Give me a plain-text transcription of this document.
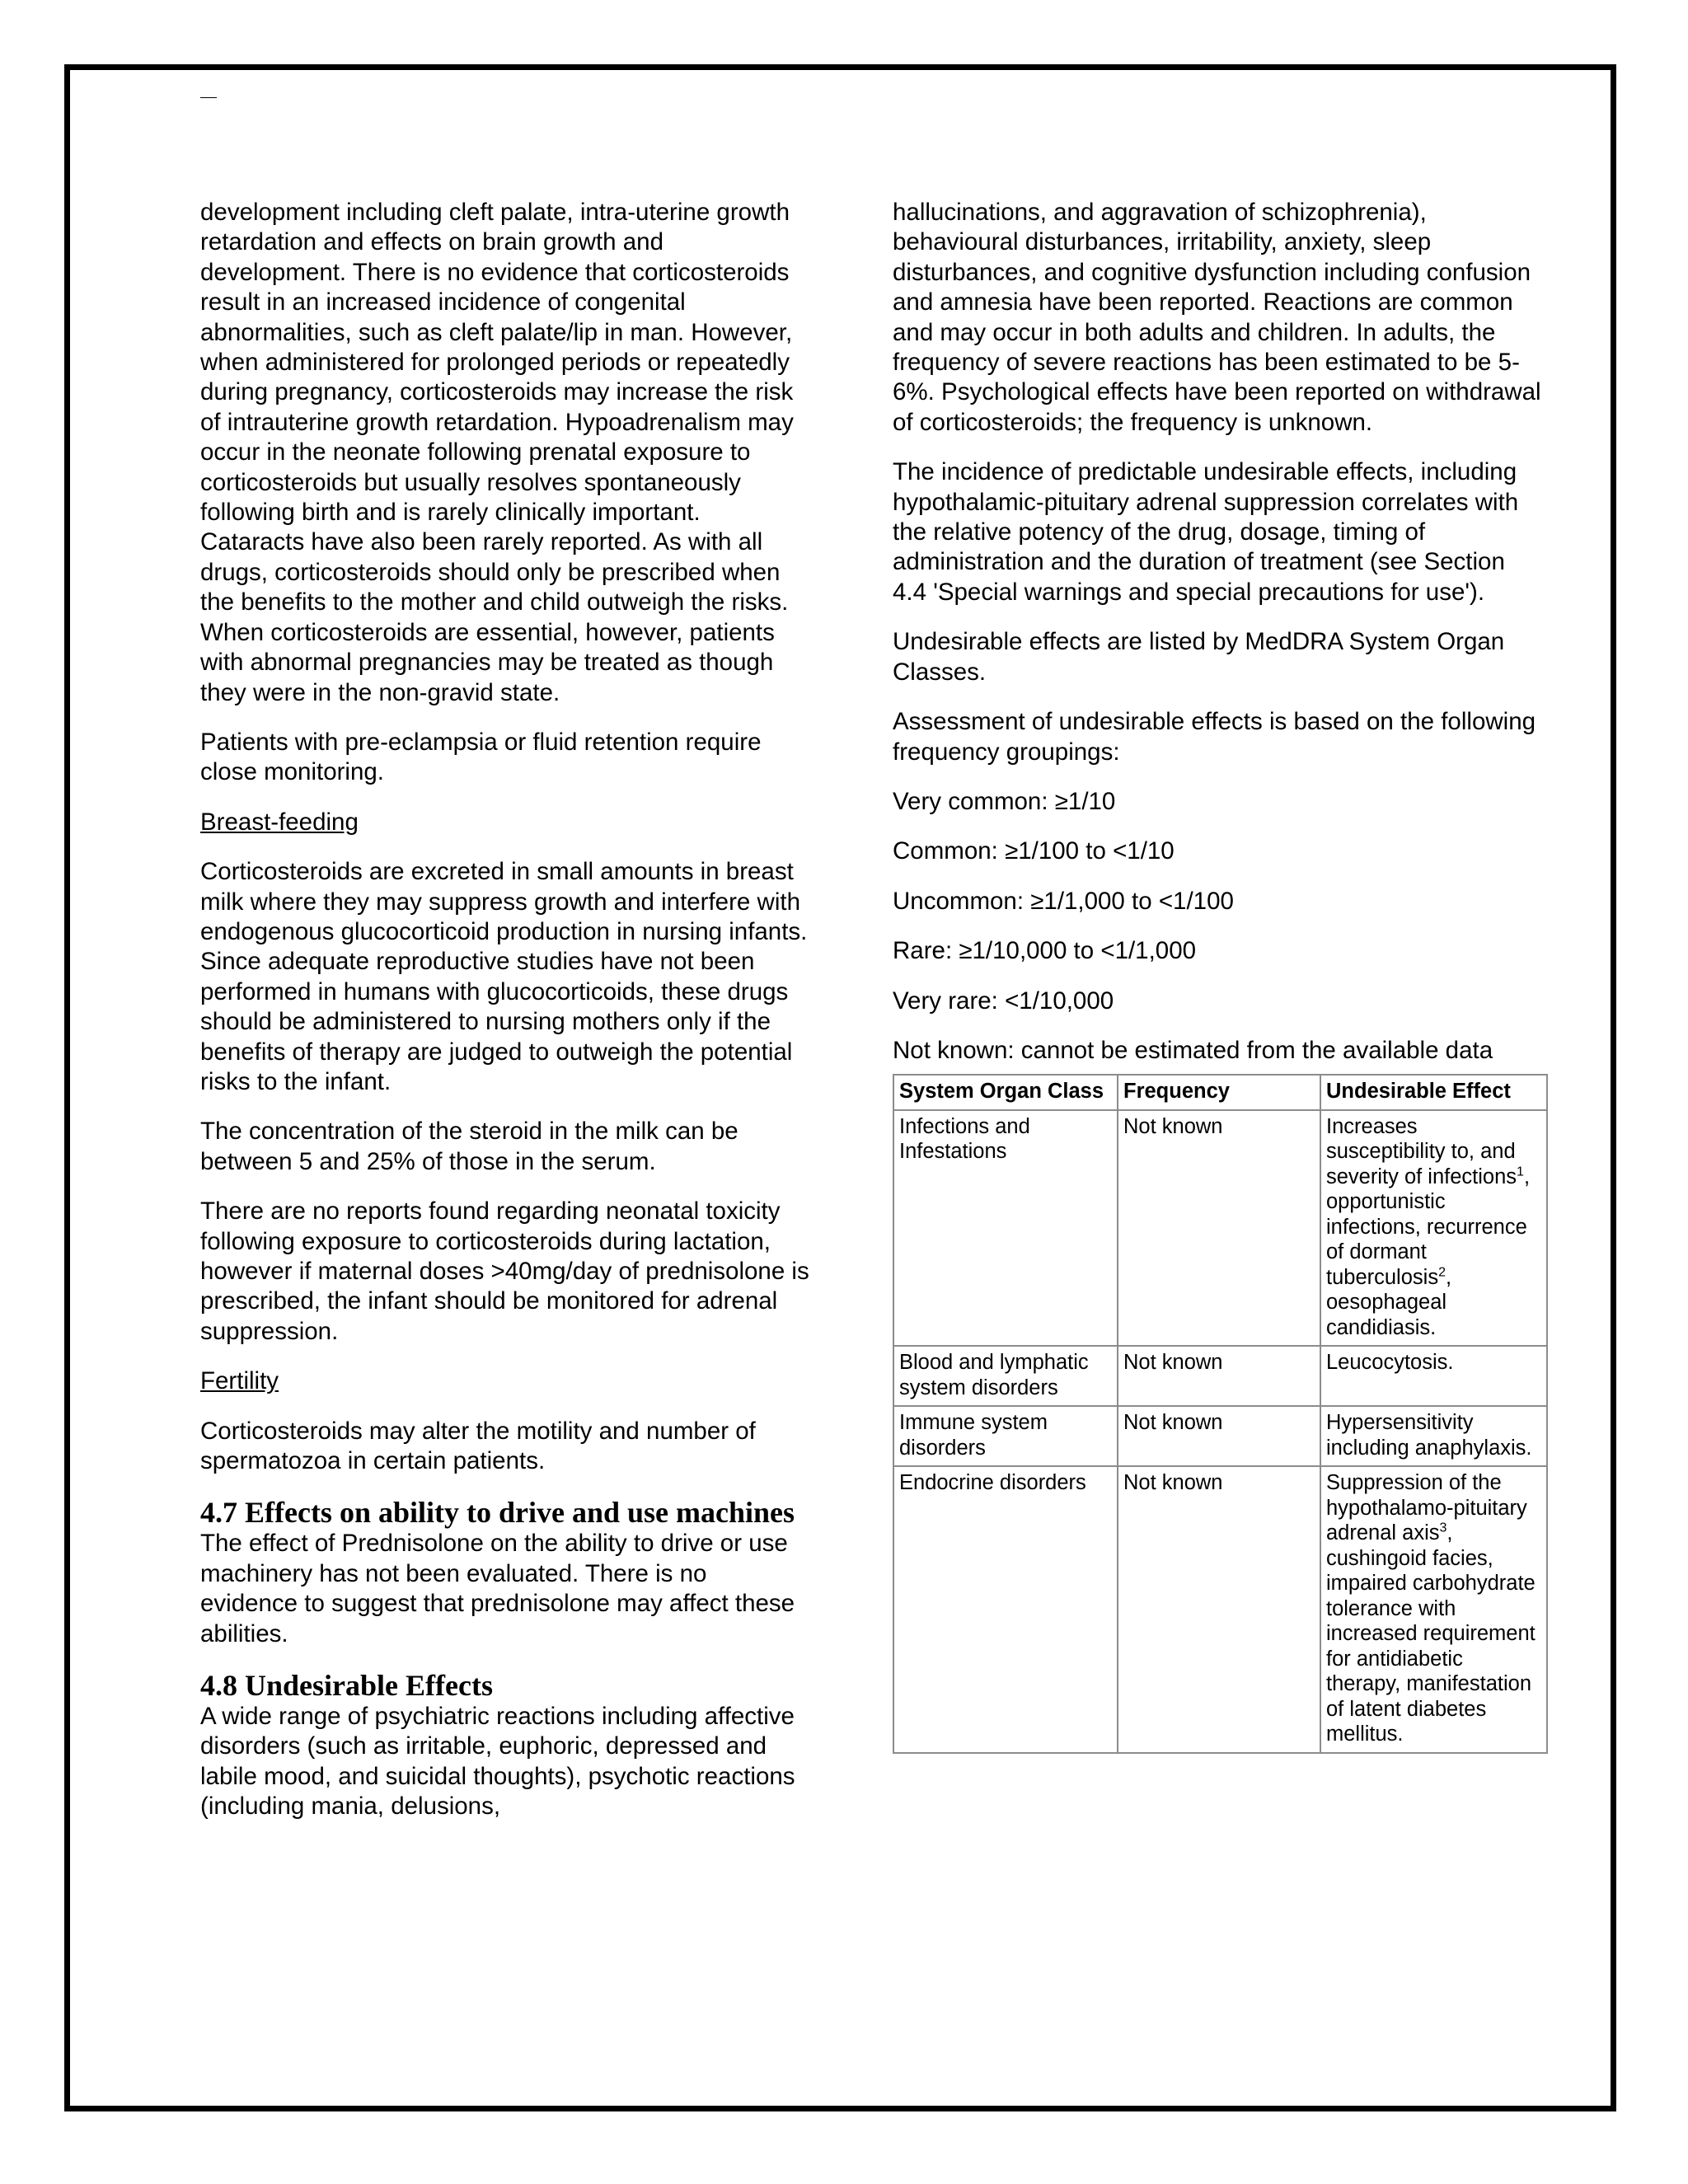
development including cleft palate, intra-uterine growth retardation and effects on brain growth and development. There is no evidence that corticosteroids result in an increased incidence of congenital abnormalities, such as cleft palate/lip in man. However, when administered for prolonged periods or repeatedly during pregnancy, corticosteroids may increase the risk of intrauterine growth retardation. Hypoadrenalism may occur in the neonate following prenatal exposure to corticosteroids but usually resolves spontaneously following birth and is rarely clinically important. Cataracts have also been rarely reported. As with all drugs, corticosteroids should only be prescribed when the benefits to the mother and child outweigh the risks. When corticosteroids are essential, however, patients with abnormal pregnancies may be treated as though they were in the non-gravid state.

Patients with pre-eclampsia or fluid retention require close monitoring.

Breast-feeding

Corticosteroids are excreted in small amounts in breast milk where they may suppress growth and interfere with endogenous glucocorticoid production in nursing infants. Since adequate reproductive studies have not been performed in humans with glucocorticoids, these drugs should be administered to nursing mothers only if the benefits of therapy are judged to outweigh the potential risks to the infant.

The concentration of the steroid in the milk can be between 5 and 25% of those in the serum.

There are no reports found regarding neonatal toxicity following exposure to corticosteroids during lactation, however if maternal doses >40mg/day of prednisolone is prescribed, the infant should be monitored for adrenal suppression.

Fertility

Corticosteroids may alter the motility and number of spermatozoa in certain patients.

4.7 Effects on ability to drive and use machines

The effect of Prednisolone on the ability to drive or use machinery has not been evaluated. There is no evidence to suggest that prednisolone may affect these abilities.

4.8 Undesirable Effects

A wide range of psychiatric reactions including affective disorders (such as irritable, euphoric, depressed and labile mood, and suicidal thoughts), psychotic reactions (including mania, delusions,

hallucinations, and aggravation of schizophrenia), behavioural disturbances, irritability, anxiety, sleep disturbances, and cognitive dysfunction including confusion and amnesia have been reported. Reactions are common and may occur in both adults and children. In adults, the frequency of severe reactions has been estimated to be 5-6%. Psychological effects have been reported on withdrawal of corticosteroids; the frequency is unknown.

The incidence of predictable undesirable effects, including hypothalamic-pituitary adrenal suppression correlates with the relative potency of the drug, dosage, timing of administration and the duration of treatment (see Section 4.4 'Special warnings and special precautions for use').

Undesirable effects are listed by MedDRA System Organ Classes.

Assessment of undesirable effects is based on the following frequency groupings:

Very common: ≥1/10

Common: ≥1/100 to <1/10

Uncommon: ≥1/1,000 to <1/100

Rare: ≥1/10,000 to <1/1,000

Very rare: <1/10,000

Not known: cannot be estimated from the available data

System Organ Class	Frequency	Undesirable Effect
Infections and Infestations	Not known	Increases susceptibility to, and severity of infections$^1$, opportunistic infections, recurrence of dormant tuberculosis$^2$, oesophageal candidiasis.
Blood and lymphatic system disorders	Not known	Leucocytosis.
Immune system disorders	Not known	Hypersensitivity including anaphylaxis.
Endocrine disorders	Not known	Suppression of the hypothalamo-pituitary adrenal axis$^3$, cushingoid facies, impaired carbohydrate tolerance with increased requirement for antidiabetic therapy, manifestation of latent diabetes mellitus.
